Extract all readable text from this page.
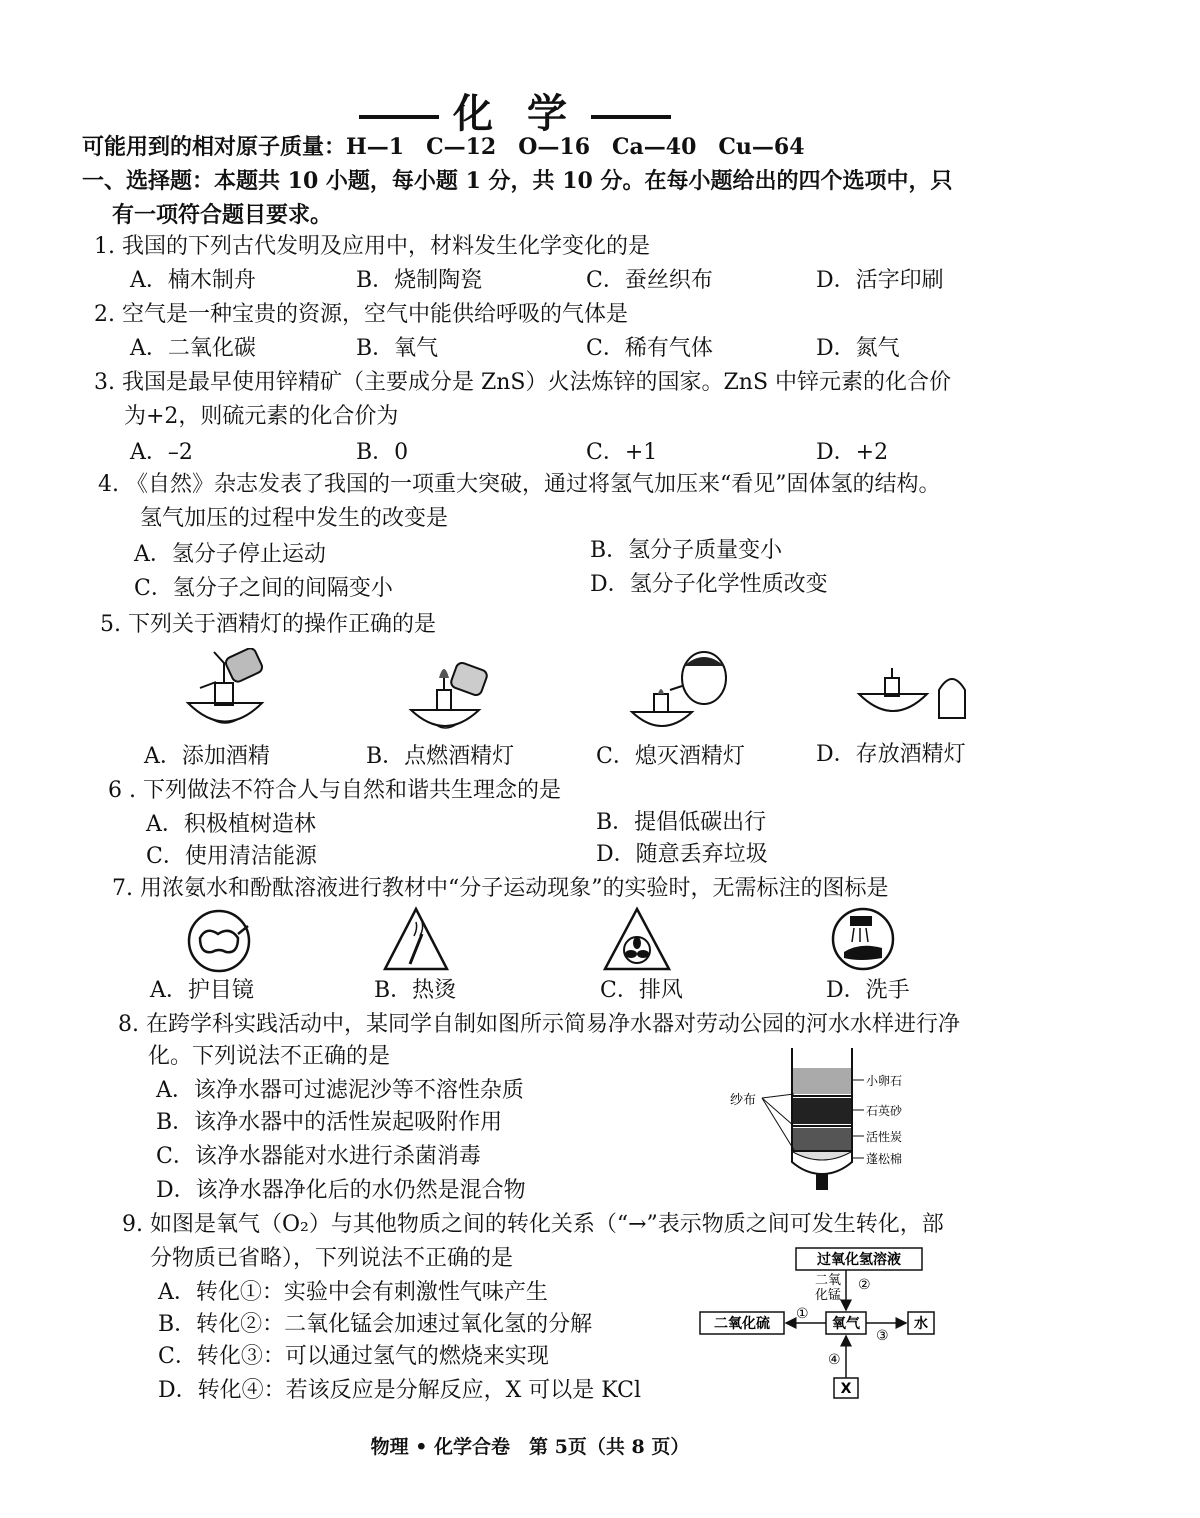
化 学
可能用到的相对原子质量：H—1　C—12　O—16　Ca—40　Cu—64
一、选择题：本题共 10 小题，每小题 1 分，共 10 分。在每小题给出的四个选项中，只
有一项符合题目要求。
1. 我国的下列古代发明及应用中，材料发生化学变化的是
A．楠木制舟	B．烧制陶瓷	C．蚕丝织布	D．活字印刷
2. 空气是一种宝贵的资源，空气中能供给呼吸的气体是
A．二氧化碳	B．氧气	C．稀有气体	D．氮气
3. 我国是最早使用锌精矿（主要成分是 ZnS）火法炼锌的国家。ZnS 中锌元素的化合价
为+2，则硫元素的化合价为
A．–2	B．0	C．+1	D．+2
4. 《自然》杂志发表了我国的一项重大突破，通过将氢气加压来“看见”固体氢的结构。
氢气加压的过程中发生的改变是
A．氢分子停止运动	B．氢分子质量变小
C．氢分子之间的间隔变小	D．氢分子化学性质改变
5. 下列关于酒精灯的操作正确的是
A．添加酒精	B．点燃酒精灯	C．熄灭酒精灯	D．存放酒精灯
6 . 下列做法不符合人与自然和谐共生理念的是
A．积极植树造林	B．提倡低碳出行
C．使用清洁能源	D．随意丢弃垃圾
7. 用浓氨水和酚酞溶液进行教材中“分子运动现象”的实验时，无需标注的图标是
A．护目镜	B．热烫	C．排风	D．洗手
8. 在跨学科实践活动中，某同学自制如图所示简易净水器对劳动公园的河水水样进行净
化。下列说法不正确的是
A．该净水器可过滤泥沙等不溶性杂质
B．该净水器中的活性炭起吸附作用
C．该净水器能对水进行杀菌消毒
D．该净水器净化后的水仍然是混合物
纱布
小卵石
石英砂
活性炭
蓬松棉
9. 如图是氧气（O₂）与其他物质之间的转化关系（“→”表示物质之间可发生转化，部
分物质已省略），下列说法不正确的是
A．转化①：实验中会有刺激性气味产生
B．转化②：二氧化锰会加速过氧化氢的分解
C．转化③：可以通过氢气的燃烧来实现
D．转化④：若该反应是分解反应，X 可以是 KCl
过氧化氢溶液
氧气
二氧化硫	水
X
二氧
化锰
②
①
③
④
物理 • 化学合卷　第 5页（共 8 页）
